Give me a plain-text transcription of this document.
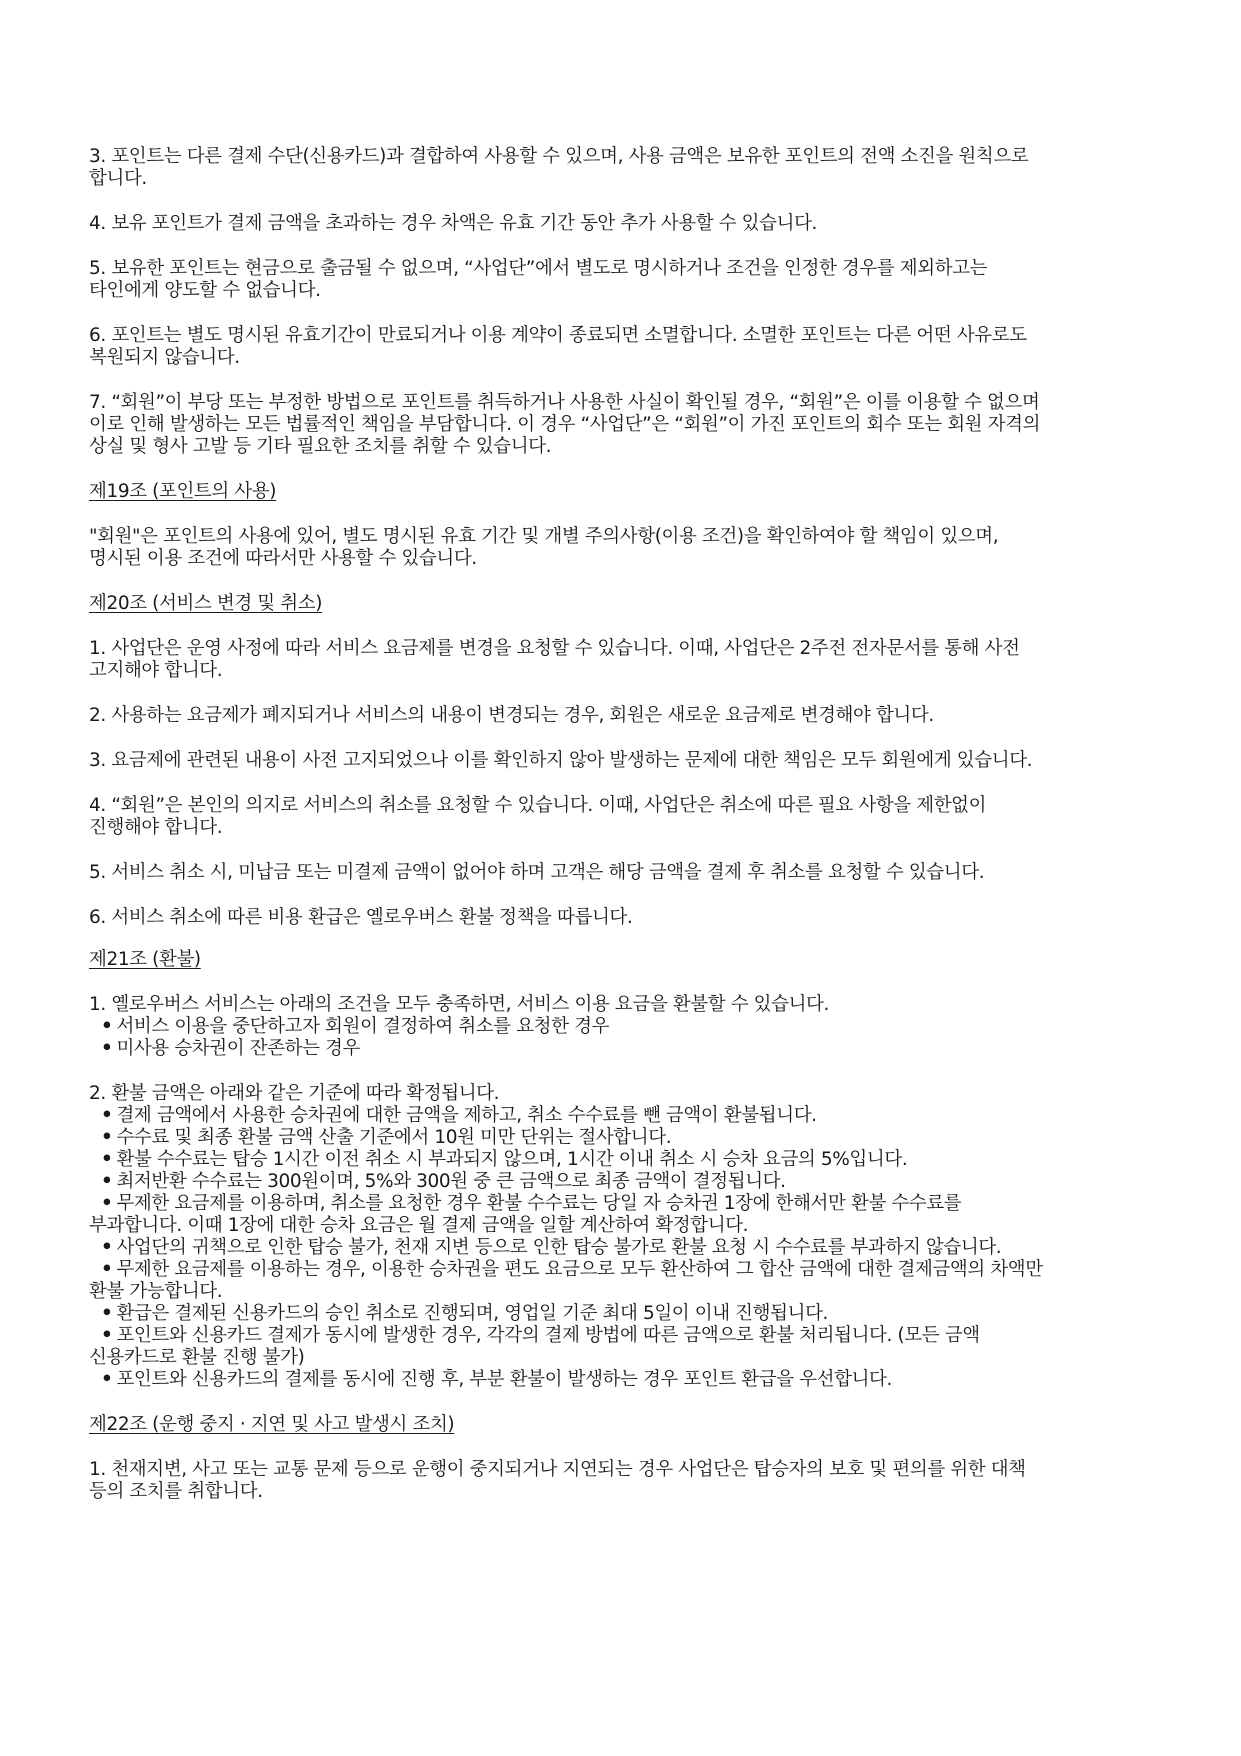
3. 포인트는 다른 결제 수단(신용카드)과 결합하여 사용할 수 있으며, 사용 금액은 보유한 포인트의 전액 소진을 원칙으로
합니다.

4. 보유 포인트가 결제 금액을 초과하는 경우 차액은 유효 기간 동안 추가 사용할 수 있습니다.

5. 보유한 포인트는 현금으로 출금될 수 없으며, “사업단”에서 별도로 명시하거나 조건을 인정한 경우를 제외하고는
타인에게 양도할 수 없습니다.

6. 포인트는 별도 명시된 유효기간이 만료되거나 이용 계약이 종료되면 소멸합니다. 소멸한 포인트는 다른 어떤 사유로도
복원되지 않습니다.

7. “회원”이 부당 또는 부정한 방법으로 포인트를 취득하거나 사용한 사실이 확인될 경우, “회원”은 이를 이용할 수 없으며
이로 인해 발생하는 모든 법률적인 책임을 부담합니다. 이 경우 “사업단”은 “회원”이 가진 포인트의 회수 또는 회원 자격의
상실 및 형사 고발 등 기타 필요한 조치를 취할 수 있습니다.

제19조 (포인트의 사용)

"회원"은 포인트의 사용에 있어, 별도 명시된 유효 기간 및 개별 주의사항(이용 조건)을 확인하여야 할 책임이 있으며,
명시된 이용 조건에 따라서만 사용할 수 있습니다.

제20조 (서비스 변경 및 취소)

1. 사업단은 운영 사정에 따라 서비스 요금제를 변경을 요청할 수 있습니다. 이때, 사업단은 2주전 전자문서를 통해 사전
고지해야 합니다.

2. 사용하는 요금제가 폐지되거나 서비스의 내용이 변경되는 경우, 회원은 새로운 요금제로 변경해야 합니다.

3. 요금제에 관련된 내용이 사전 고지되었으나 이를 확인하지 않아 발생하는 문제에 대한 책임은 모두 회원에게 있습니다.

4. “회원”은 본인의 의지로 서비스의 취소를 요청할 수 있습니다. 이때, 사업단은 취소에 따른 필요 사항을 제한없이
진행해야 합니다.

5. 서비스 취소 시, 미납금 또는 미결제 금액이 없어야 하며 고객은 해당 금액을 결제 후 취소를 요청할 수 있습니다.

6. 서비스 취소에 따른 비용 환급은 옐로우버스 환불 정책을 따릅니다.

제21조 (환불)

1. 옐로우버스 서비스는 아래의 조건을 모두 충족하면, 서비스 이용 요금을 환불할 수 있습니다.
• 서비스 이용을 중단하고자 회원이 결정하여 취소를 요청한 경우
• 미사용 승차권이 잔존하는 경우
2. 환불 금액은 아래와 같은 기준에 따라 확정됩니다.
• 결제 금액에서 사용한 승차권에 대한 금액을 제하고, 취소 수수료를 뺀 금액이 환불됩니다.
• 수수료 및 최종 환불 금액 산출 기준에서 10원 미만 단위는 절사합니다.
• 환불 수수료는 탑승 1시간 이전 취소 시 부과되지 않으며, 1시간 이내 취소 시 승차 요금의 5%입니다.
• 최저반환 수수료는 300원이며, 5%와 300원 중 큰 금액으로 최종 금액이 결정됩니다.
• 무제한 요금제를 이용하며, 취소를 요청한 경우 환불 수수료는 당일 자 승차권 1장에 한해서만 환불 수수료를
부과합니다. 이때 1장에 대한 승차 요금은 월 결제 금액을 일할 계산하여 확정합니다.
• 사업단의 귀책으로 인한 탑승 불가, 천재 지변 등으로 인한 탑승 불가로 환불 요청 시 수수료를 부과하지 않습니다.
• 무제한 요금제를 이용하는 경우, 이용한 승차권을 편도 요금으로 모두 환산하여 그 합산 금액에 대한 결제금액의 차액만
환불 가능합니다.
• 환급은 결제된 신용카드의 승인 취소로 진행되며, 영업일 기준 최대 5일이 이내 진행됩니다.
• 포인트와 신용카드 결제가 동시에 발생한 경우, 각각의 결제 방법에 따른 금액으로 환불 처리됩니다. (모든 금액
신용카드로 환불 진행 불가)
• 포인트와 신용카드의 결제를 동시에 진행 후, 부분 환불이 발생하는 경우 포인트 환급을 우선합니다.

제22조 (운행 중지 · 지연 및 사고 발생시 조치)

1. 천재지변, 사고 또는 교통 문제 등으로 운행이 중지되거나 지연되는 경우 사업단은 탑승자의 보호 및 편의를 위한 대책
등의 조치를 취합니다.
